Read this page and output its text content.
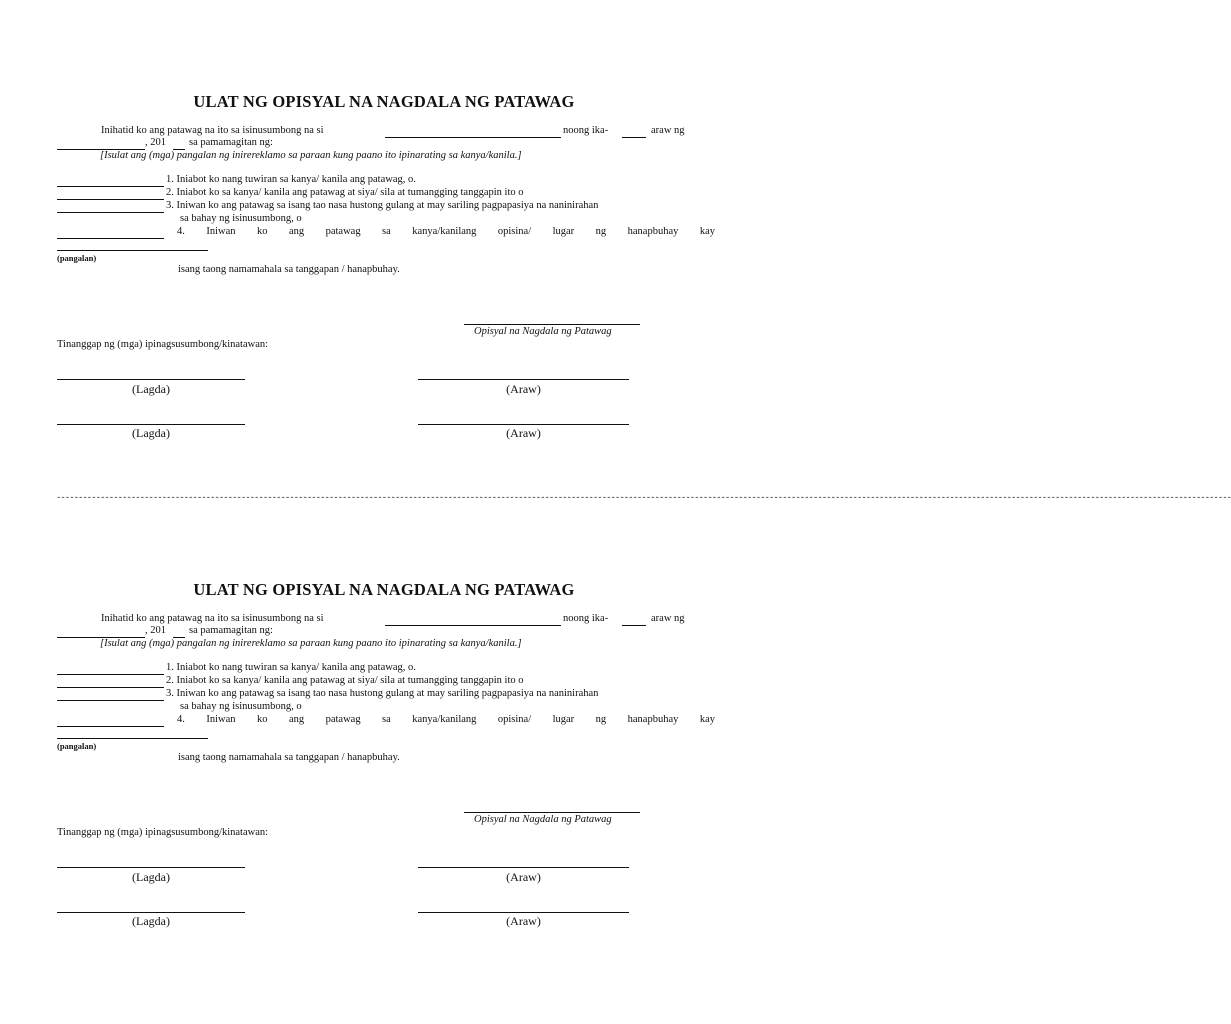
ULAT NG OPISYAL NA NAGDALA NG PATAWAG
Inihatid ko ang patawag na ito sa isinusumbong na si	noong ika-	araw ng
, 201 sa pamamagitan ng:
[Isulat ang (mga) pangalan ng inirereklamo sa paraan kung paano ito ipinarating sa kanya/kanila.]
1. Iniabot ko nang tuwiran sa kanya/ kanila ang patawag, o.
2. Iniabot ko sa kanya/ kanila ang patawag at siya/ sila at tumangging tanggapin ito o
3. Iniwan ko ang patawag sa isang tao nasa hustong gulang at may sariling pagpapasiya na naninirahan
sa bahay ng isinusumbong, o
4. Iniwan ko ang patawag sa kanya/kanilang opisina/ lugar ng hanapbuhay kay
(pangalan)
isang taong namamahala sa tanggapan / hanapbuhay.
Opisyal na Nagdala ng Patawag
Tinanggap ng (mga) ipinagsusumbong/kinatawan:
(Lagda)	(Araw)
(Lagda)	(Araw)
---------------------------------------------------------------------------------------------------------------------------------------------------------------------------------------------------------------------------------------------------------------------------
ULAT NG OPISYAL NA NAGDALA NG PATAWAG
Inihatid ko ang patawag na ito sa isinusumbong na si	noong ika-	araw ng
, 201 sa pamamagitan ng:
[Isulat ang (mga) pangalan ng inirereklamo sa paraan kung paano ito ipinarating sa kanya/kanila.]
1. Iniabot ko nang tuwiran sa kanya/ kanila ang patawag, o.
2. Iniabot ko sa kanya/ kanila ang patawag at siya/ sila at tumangging tanggapin ito o
3. Iniwan ko ang patawag sa isang tao nasa hustong gulang at may sariling pagpapasiya na naninirahan
sa bahay ng isinusumbong, o
4. Iniwan ko ang patawag sa kanya/kanilang opisina/ lugar ng hanapbuhay kay
(pangalan)
isang taong namamahala sa tanggapan / hanapbuhay.
Opisyal na Nagdala ng Patawag
Tinanggap ng (mga) ipinagsusumbong/kinatawan:
(Lagda)	(Araw)
(Lagda)	(Araw)
